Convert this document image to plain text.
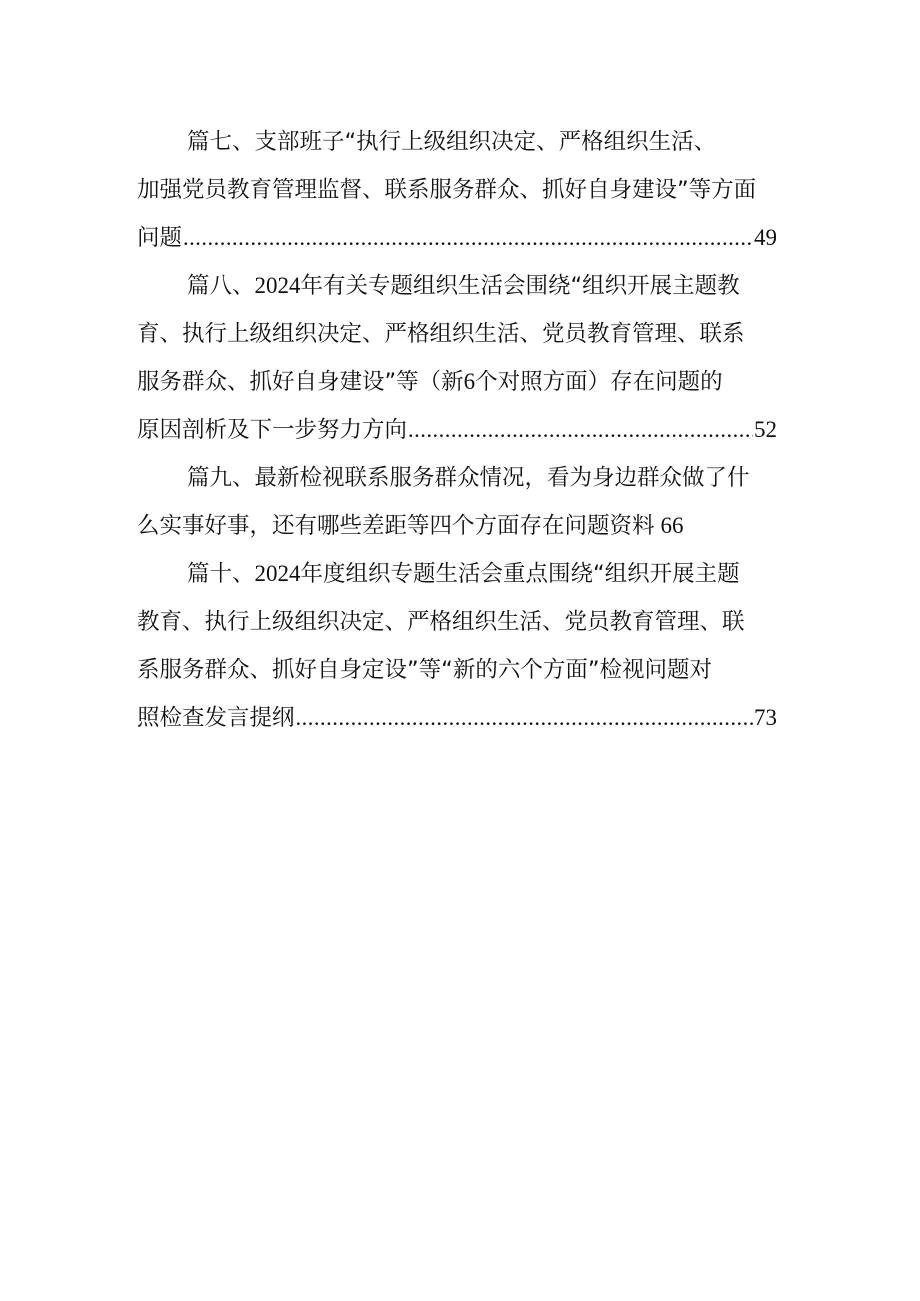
篇七、支部班子“执行上级组织决定、严格组织生活、

加强党员教育管理监督、联系服务群众、抓好自身建设”等方面

问题 .....	49

篇八、2024年有关专题组织生活会围绕“组织开展主题教

育、执行上级组织决定、严格组织生活、党员教育管理、联系

服务群众、抓好自身建设”等（新6个对照方面）存在问题的

原因剖析及下一步努力方向 .....	52

篇九、最新检视联系服务群众情况，看为身边群众做了什

么实事好事，还有哪些差距等四个方面存在问题资料 66

篇十、2024年度组织专题生活会重点围绕“组织开展主题

教育、执行上级组织决定、严格组织生活、党员教育管理、联

系服务群众、抓好自身定设”等“新的六个方面”检视问题对

照检查发言提纲 .....	73
